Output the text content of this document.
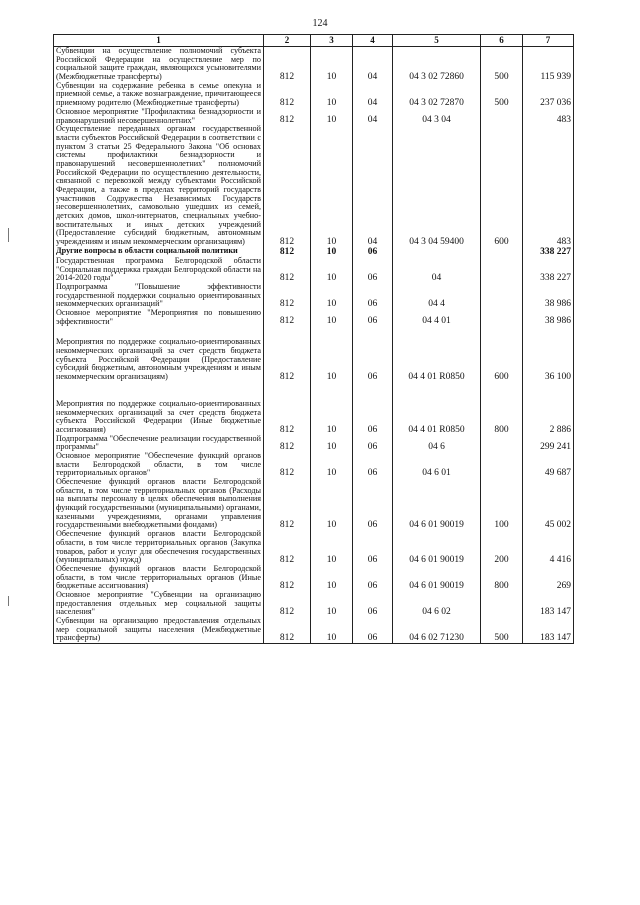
124
1	2	3	4	5	6	7
Субвенции на осуществление полномочий субъекта Российской Федерации на осуществление мер по социальной защите граждан, являющихся усыновителями (Межбюджетные трансферты)	812	10	04	04 3 02 72860	500	115 939
Субвенции на содержание ребенка в семье опекуна и приемной семье, а также вознаграждение, причитающееся приемному родителю (Межбюджетные трансферты)	812	10	04	04 3 02 72870	500	237 036
Основное мероприятие "Профилактика безнадзорности и правонарушений несовершеннолетних"	812	10	04	04 3 04		483
Осуществление переданных органам государственной власти субъектов Российской Федерации в соответствии с пунктом 3 статьи 25 Федерального Закона "Об основах системы профилактики безнадзорности и правонарушений несовершеннолетних" полномочий Российской Федерации по осуществлению деятельности, связанной с перевозкой между субъектами Российской Федерации, а также в пределах территорий государств участников Содружества Независимых Государств несовершеннолетних, самовольно ушедших из семей, детских домов, школ-интернатов, специальных учебно-воспитательных и иных детских учреждений (Предоставление субсидий бюджетным, автономным учреждениям и иным некоммерческим организациям)	812	10	04	04 3 04 59400	600	483
Другие вопросы в области социальной политики	812	10	06			338 227
Государственная программа Белгородской области "Социальная поддержка граждан Белгородской области на 2014-2020 годы"	812	10	06	04		338 227
Подпрограмма "Повышение эффективности государственной поддержки социально ориентированных некоммерческих организаций"	812	10	06	04 4		38 986
Основное мероприятие "Мероприятия по повышению эффективности"	812	10	06	04 4 01		38 986
Мероприятия по поддержке социально-ориентированных некоммерческих организаций за счет средств бюджета субъекта Российской Федерации (Предоставление субсидий бюджетным, автономным учреждениям и иным некоммерческим организациям)	812	10	06	04 4 01 R0850	600	36 100
Мероприятия по поддержке социально-ориентированных некоммерческих организаций за счет средств бюджета субъекта Российской Федерации (Иные бюджетные ассигнования)	812	10	06	04 4 01 R0850	800	2 886
Подпрограмма "Обеспечение реализации государственной программы"	812	10	06	04 6		299 241
Основное мероприятие "Обеспечение функций органов власти Белгородской области, в том числе территориальных органов"	812	10	06	04 6 01		49 687
Обеспечение функций органов власти Белгородской области, в том числе территориальных органов (Расходы на выплаты персоналу в целях обеспечения выполнения функций государственными (муниципальными) органами, казенными учреждениями, органами управления государственными внебюджетными фондами)	812	10	06	04 6 01 90019	100	45 002
Обеспечение функций органов власти Белгородской области, в том числе территориальных органов (Закупка товаров, работ и услуг для обеспечения государственных (муниципальных) нужд)	812	10	06	04 6 01 90019	200	4 416
Обеспечение функций органов власти Белгородской области, в том числе территориальных органов (Иные бюджетные ассигнования)	812	10	06	04 6 01 90019	800	269
Основное мероприятие "Субвенции на организацию предоставления отдельных мер социальной защиты населения"	812	10	06	04 6 02		183 147
Субвенции на организацию предоставления отдельных мер социальной защиты населения (Межбюджетные трансферты)	812	10	06	04 6 02 71230	500	183 147
